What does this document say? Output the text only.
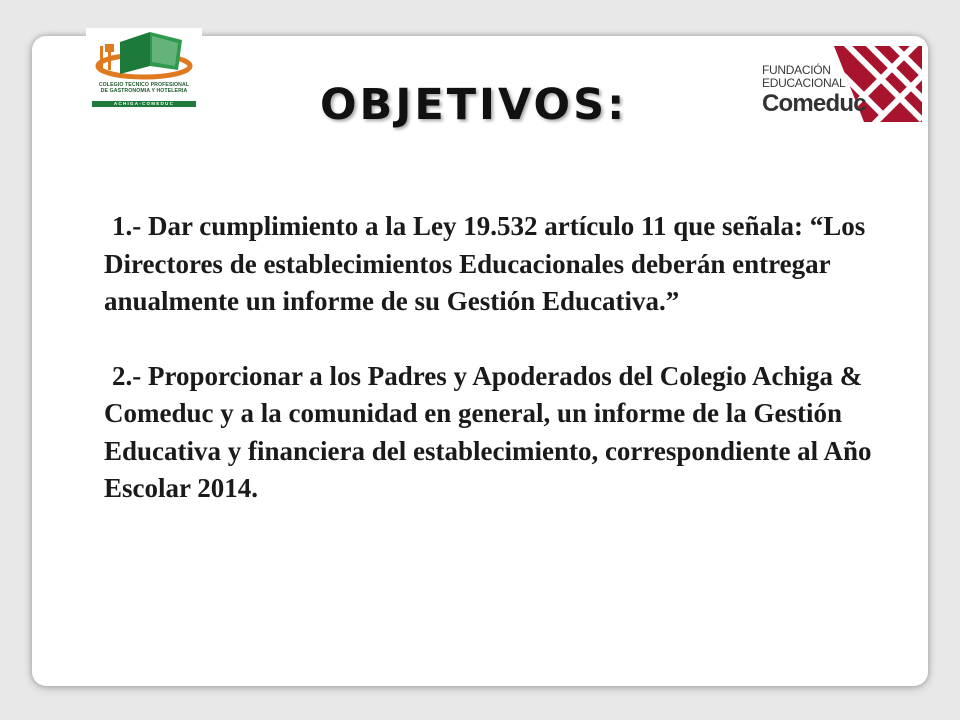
COLEGIO TECNICO PROFESIONAL
DE GASTRONOMIA Y HOTELERIA
ACHIGA-COMEDUC	OBJETIVOS:
FUNDACIÓN
EDUCACIONAL
Comeduc

1.- Dar cumplimiento a la Ley 19.532 artículo 11 que señala: “Los Directores de establecimientos Educacionales deberán entregar anualmente un informe de su Gestión Educativa.”

2.- Proporcionar a los Padres y Apoderados del Colegio Achiga & Comeduc y a la comunidad en general, un informe de la Gestión Educativa y financiera del establecimiento, correspondiente al Año Escolar 2014.
